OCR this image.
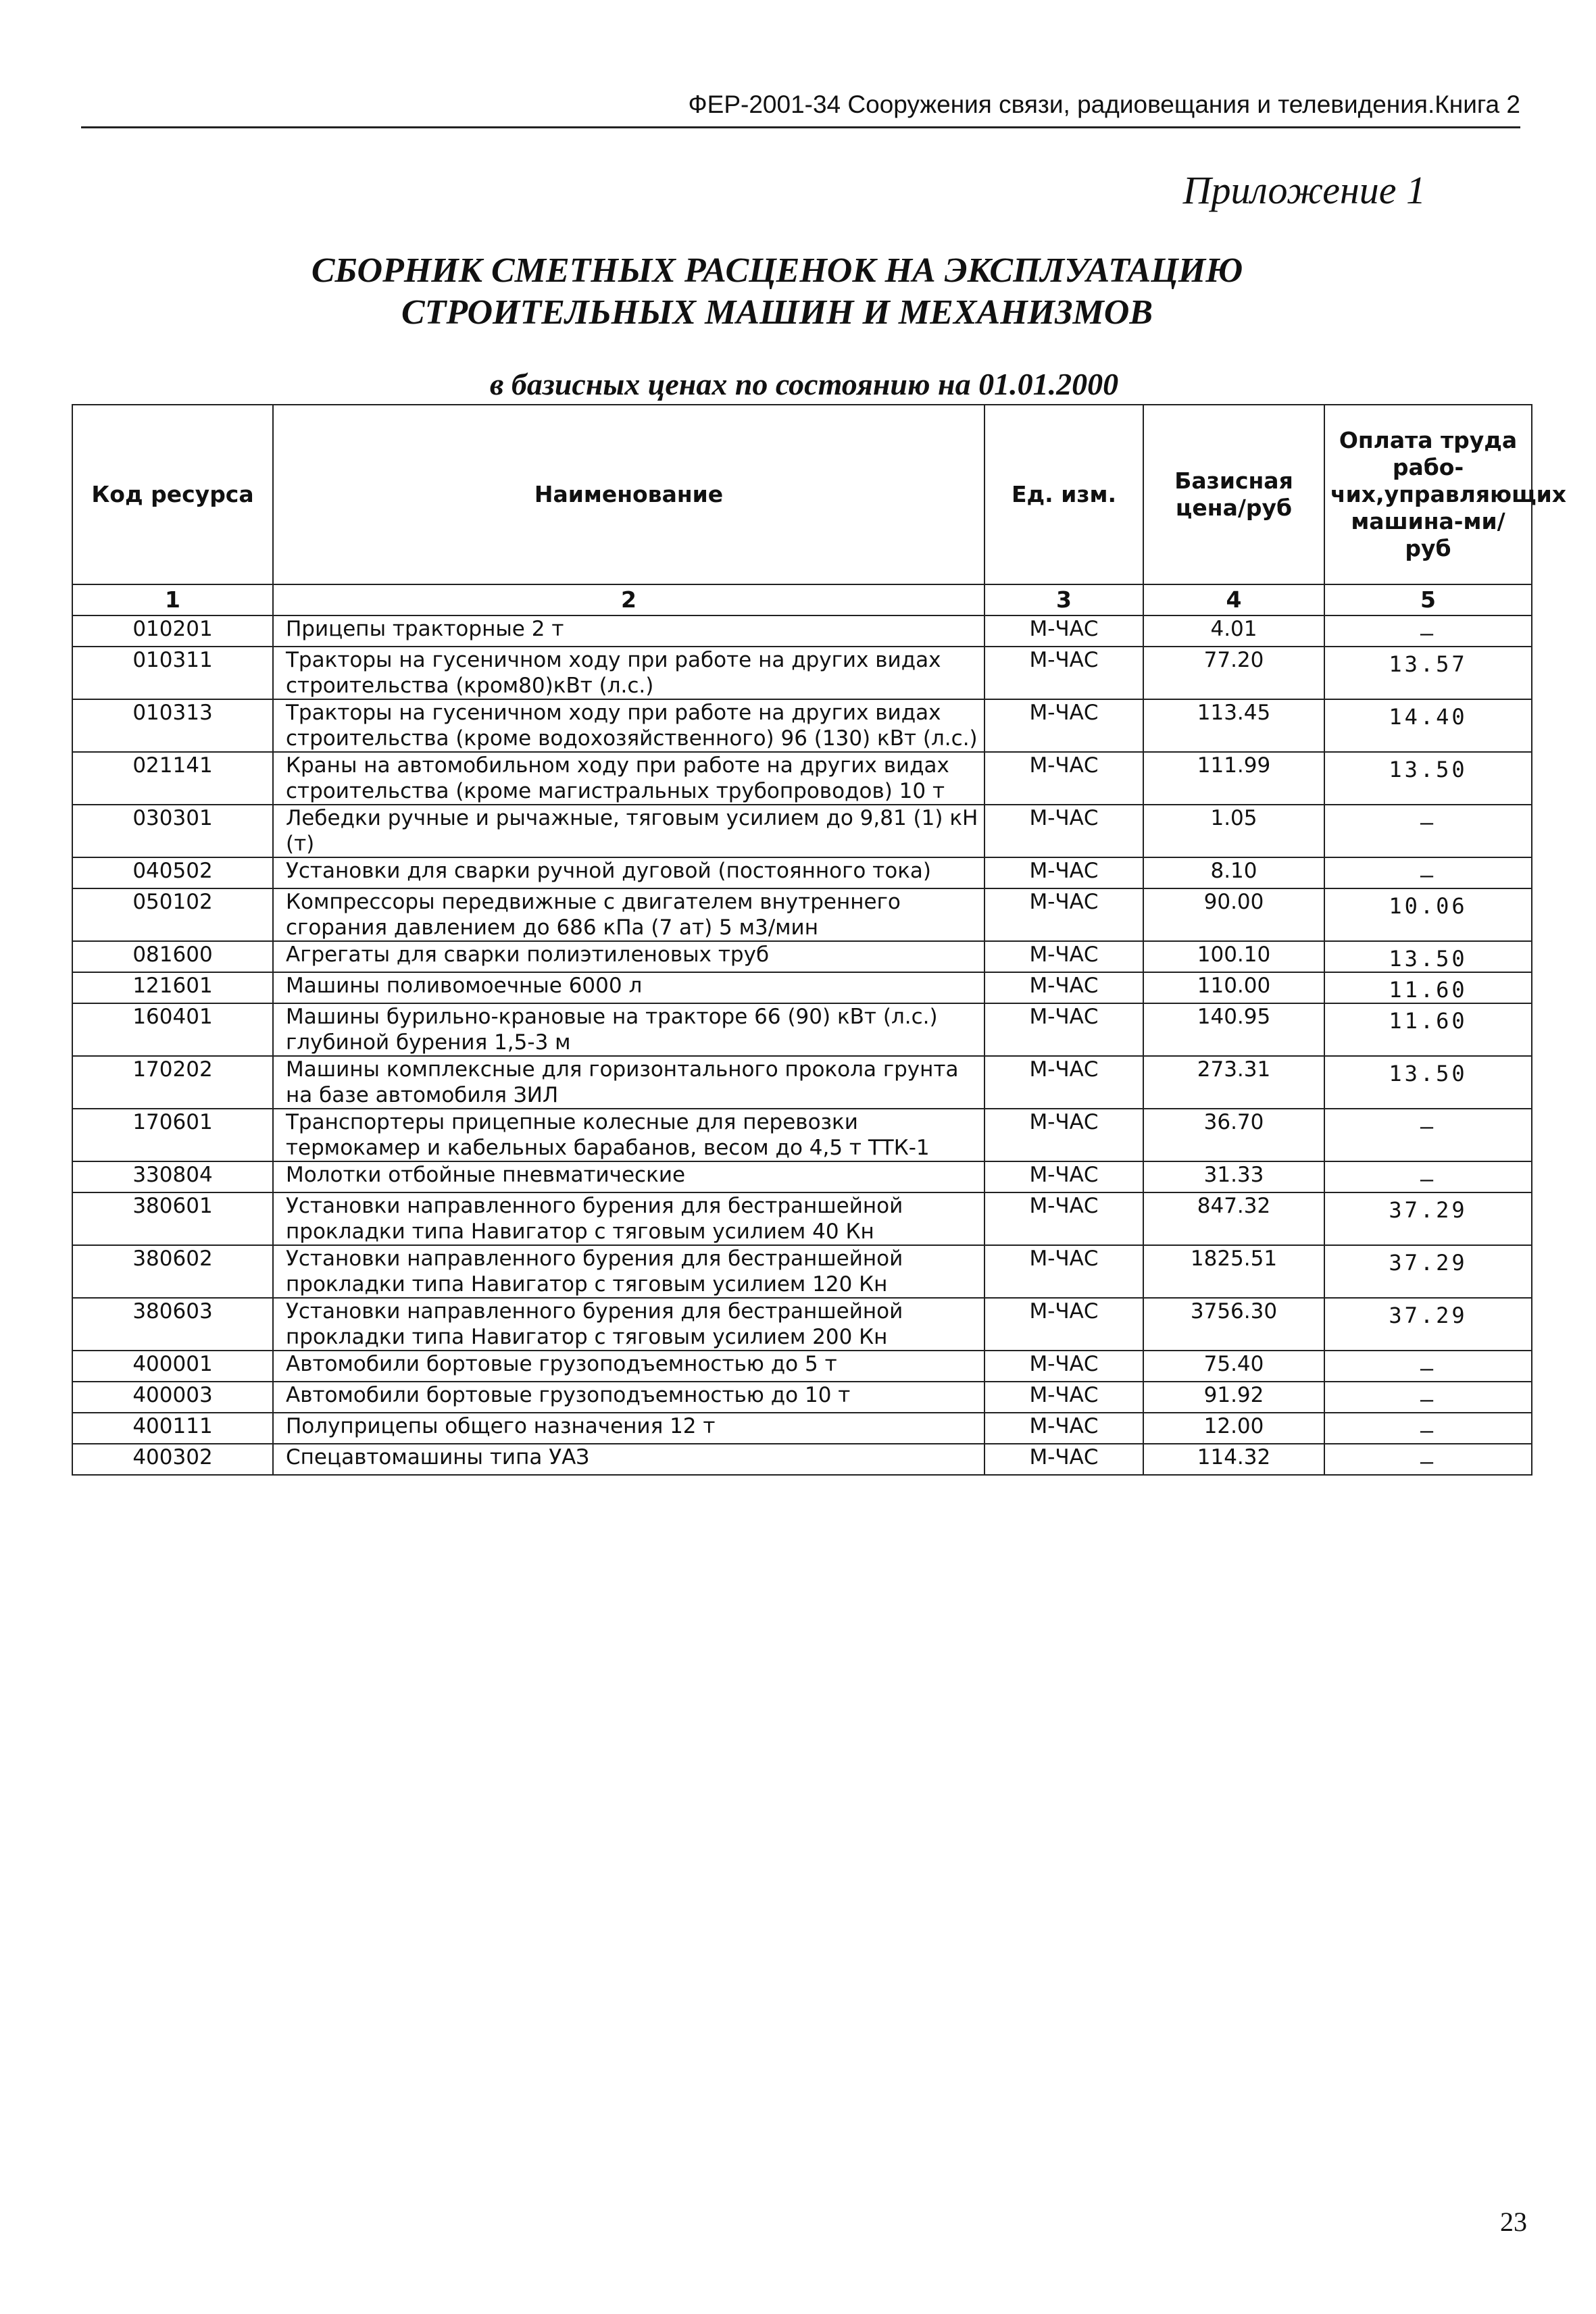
ФЕР-2001-34 Сооружения связи, радиовещания и телевидения.Книга 2
Приложение 1
СБОРНИК СМЕТНЫХ РАСЦЕНОК НА ЭКСПЛУАТАЦИЮ
СТРОИТЕЛЬНЫХ МАШИН И МЕХАНИЗМОВ
в базисных ценах по состоянию на 01.01.2000
Код ресурса	Наименование	Ед. изм.	Базисная цена/руб	Оплата труда рабо-чих,управляющих машина-ми/руб
1	2	3	4	5
010201	Прицепы тракторные 2 т	М-ЧАС	4.01	—
010311	Тракторы на гусеничном ходу при работе на других видах строительства (кром80)кВт (л.с.)	М-ЧАС	77.20	13.57
010313	Тракторы на гусеничном ходу при работе на других видах строительства (кроме водохозяйственного) 96 (130) кВт (л.с.)	М-ЧАС	113.45	14.40
021141	Краны на автомобильном ходу при работе на других видах строительства (кроме магистральных трубопроводов) 10 т	М-ЧАС	111.99	13.50
030301	Лебедки ручные и рычажные, тяговым усилием до 9,81 (1) кН (т)	М-ЧАС	1.05	—
040502	Установки для сварки ручной дуговой (постоянного тока)	М-ЧАС	8.10	—
050102	Компрессоры передвижные с двигателем внутреннего сгорания давлением до 686 кПа (7 ат) 5 м3/мин	М-ЧАС	90.00	10.06
081600	Агрегаты для сварки полиэтиленовых труб	М-ЧАС	100.10	13.50
121601	Машины поливомоечные 6000 л	М-ЧАС	110.00	11.60
160401	Машины бурильно-крановые на тракторе 66 (90) кВт (л.с.) глубиной бурения 1,5-3 м	М-ЧАС	140.95	11.60
170202	Машины комплексные для горизонтального прокола грунта на базе автомобиля ЗИЛ	М-ЧАС	273.31	13.50
170601	Транспортеры прицепные колесные для перевозки термокамер и кабельных барабанов, весом до 4,5 т ТТК-1	М-ЧАС	36.70	—
330804	Молотки отбойные пневматические	М-ЧАС	31.33	—
380601	Установки направленного бурения для бестраншейной прокладки типа Навигатор с тяговым усилием 40 Кн	М-ЧАС	847.32	37.29
380602	Установки направленного бурения для бестраншейной прокладки типа Навигатор с тяговым усилием 120 Кн	М-ЧАС	1825.51	37.29
380603	Установки направленного бурения для бестраншейной прокладки типа Навигатор с тяговым усилием 200 Кн	М-ЧАС	3756.30	37.29
400001	Автомобили бортовые грузоподъемностью до 5 т	М-ЧАС	75.40	—
400003	Автомобили бортовые грузоподъемностью до 10 т	М-ЧАС	91.92	—
400111	Полуприцепы общего назначения 12 т	М-ЧАС	12.00	—
400302	Спецавтомашины типа УАЗ	М-ЧАС	114.32	—
23
